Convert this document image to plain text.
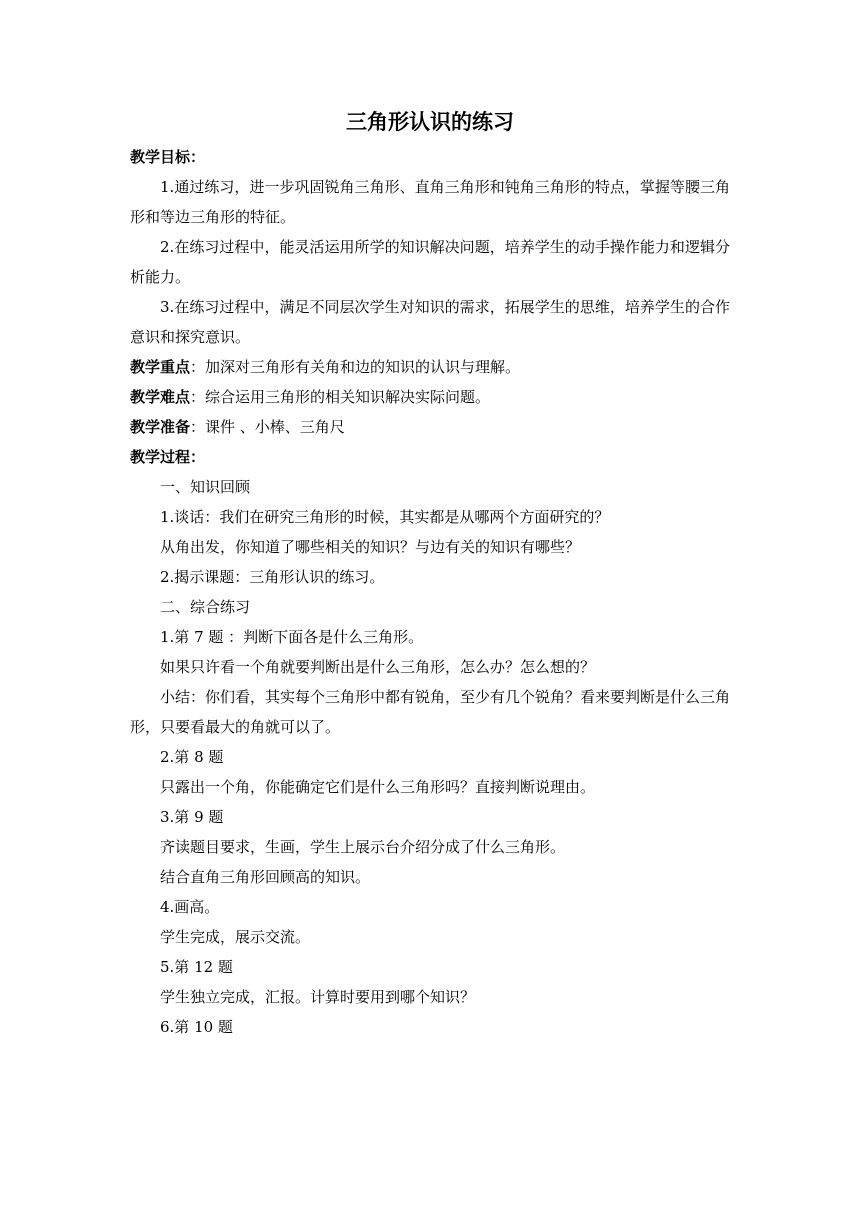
三角形认识的练习

教学目标：

1.通过练习，进一步巩固锐角三角形、直角三角形和钝角三角形的特点，掌握等腰三角形和等边三角形的特征。

2.在练习过程中，能灵活运用所学的知识解决问题，培养学生的动手操作能力和逻辑分析能力。

3.在练习过程中，满足不同层次学生对知识的需求，拓展学生的思维，培养学生的合作意识和探究意识。

教学重点：加深对三角形有关角和边的知识的认识与理解。

教学难点：综合运用三角形的相关知识解决实际问题。

教学准备：课件 、小棒、三角尺

教学过程：

一、知识回顾

1.谈话：我们在研究三角形的时候，其实都是从哪两个方面研究的？

从角出发，你知道了哪些相关的知识？与边有关的知识有哪些？

2.揭示课题：三角形认识的练习。

二、综合练习

1.第 7 题 ：判断下面各是什么三角形。

如果只许看一个角就要判断出是什么三角形，怎么办？怎么想的？

小结：你们看，其实每个三角形中都有锐角，至少有几个锐角？看来要判断是什么三角形，只要看最大的角就可以了。

2.第 8 题

只露出一个角，你能确定它们是什么三角形吗？直接判断说理由。

3.第 9 题

齐读题目要求，生画，学生上展示台介绍分成了什么三角形。

结合直角三角形回顾高的知识。

4.画高。

学生完成，展示交流。

5.第 12 题

学生独立完成，汇报。计算时要用到哪个知识？

6.第 10 题
